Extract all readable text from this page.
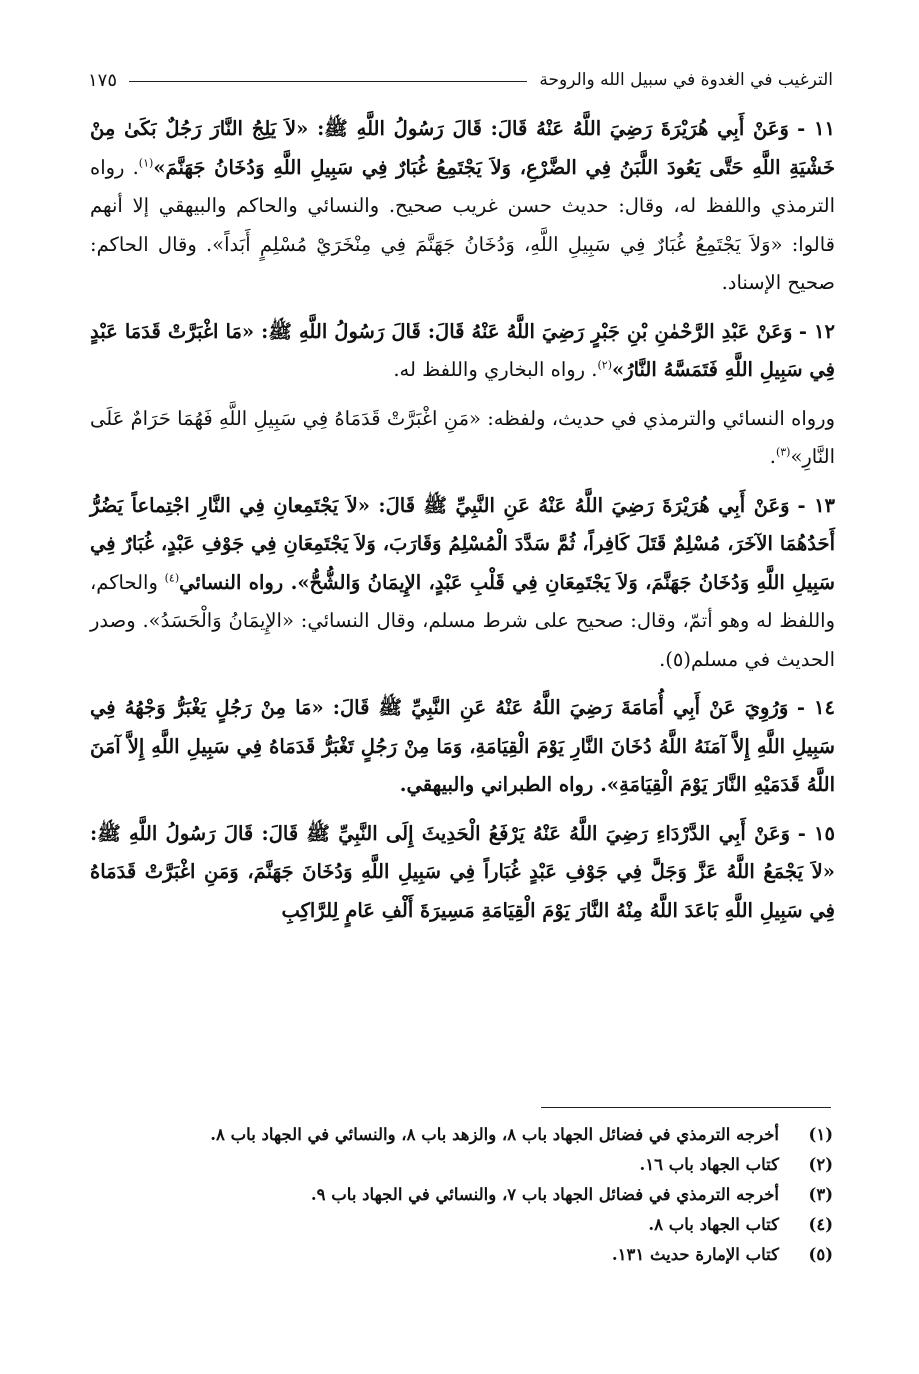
الترغيب في الغدوة في سبيل الله والروحة
١٧٥

١١ - وَعَنْ أَبِي هُرَيْرَةَ رَضِيَ اللَّهُ عَنْهُ قَالَ: قَالَ رَسُولُ اللَّهِ ﷺ: «لاَ يَلِجُ النَّارَ رَجُلٌ بَكَىٰ مِنْ خَشْيَةِ اللَّهِ حَتَّى يَعُودَ اللَّبَنُ فِي الضَّرْعِ، وَلاَ يَجْتَمِعُ غُبَارٌ فِي سَبِيلِ اللَّهِ وَدُخَانُ جَهَنَّمَ»$^{(١)}$. رواه الترمذي واللفظ له، وقال: حديث حسن غريب صحيح. والنسائي والحاكم والبيهقي إلا أنهم قالوا: «وَلاَ يَجْتَمِعُ غُبَارٌ فِي سَبِيلِ اللَّهِ، وَدُخَانُ جَهَنَّمَ فِي مِنْخَرَيْ مُسْلِمٍ أَبَداً». وقال الحاكم: صحيح الإسناد.

١٢ - وَعَنْ عَبْدِ الرَّحْمٰنِ بْنِ جَبْرٍ رَضِيَ اللَّهُ عَنْهُ قَالَ: قَالَ رَسُولُ اللَّهِ ﷺ: «مَا اغْبَرَّتْ قَدَمَا عَبْدٍ فِي سَبِيلِ اللَّهِ فَتَمَسَّهُ النَّارُ»$^{(٢)}$. رواه البخاري واللفظ له.

ورواه النسائي والترمذي في حديث، ولفظه: «مَنِ اغْبَرَّتْ قَدَمَاهُ فِي سَبِيلِ اللَّهِ فَهُمَا حَرَامٌ عَلَى النَّارِ»$^{(٣)}$.

١٣ - وَعَنْ أَبِي هُرَيْرَةَ رَضِيَ اللَّهُ عَنْهُ عَنِ النَّبِيِّ ﷺ قَالَ: «لاَ يَجْتَمِعانِ فِي النَّارِ اجْتِماعاً يَضُرُّ أَحَدُهُمَا الآخَرَ، مُسْلِمٌ قَتَلَ كَافِراً، ثُمَّ سَدَّدَ الْمُسْلِمُ وَقَارَبَ، وَلاَ يَجْتَمِعَانِ فِي جَوْفِ عَبْدٍ، غُبَارٌ فِي سَبِيلِ اللَّهِ وَدُخَانُ جَهَنَّمَ، وَلاَ يَجْتَمِعَانِ فِي قَلْبِ عَبْدٍ، الإِيمَانُ وَالشُّحُّ». رواه النسائي$^{(٤)}$ والحاكم، واللفظ له وهو أتمّ، وقال: صحيح على شرط مسلم، وقال النسائي: «الإِيمَانُ وَالْحَسَدُ». وصدر الحديث في مسلم(٥).

١٤ - وَرُوِيَ عَنْ أَبِي أُمَامَةَ رَضِيَ اللَّهُ عَنْهُ عَنِ النَّبِيِّ ﷺ قَالَ: «مَا مِنْ رَجُلٍ يَغْبَرُّ وَجْهُهُ فِي سَبِيلِ اللَّهِ إِلاَّ آمَنَهُ اللَّهُ دُخَانَ النَّارِ يَوْمَ الْقِيَامَةِ، وَمَا مِنْ رَجُلٍ تَغْبَرُّ قَدَمَاهُ فِي سَبِيلِ اللَّهِ إِلاَّ آمَنَ اللَّهُ قَدَمَيْهِ النَّارَ يَوْمَ الْقِيَامَةِ». رواه الطبراني والبيهقي.

١٥ - وَعَنْ أَبِي الدَّرْدَاءِ رَضِيَ اللَّهُ عَنْهُ يَرْفَعُ الْحَدِيثَ إِلَى النَّبِيِّ ﷺ قَالَ: قَالَ رَسُولُ اللَّهِ ﷺ: «لاَ يَجْمَعُ اللَّهُ عَزَّ وَجَلَّ فِي جَوْفِ عَبْدٍ غُبَاراً فِي سَبِيلِ اللَّهِ وَدُخَانَ جَهَنَّمَ، وَمَنِ اغْبَرَّتْ قَدَمَاهُ فِي سَبِيلِ اللَّهِ بَاعَدَ اللَّهُ مِنْهُ النَّارَ يَوْمَ الْقِيَامَةِ مَسِيرَةَ أَلْفِ عَامٍ لِلرَّاكِبِ

(١)
أخرجه الترمذي في فضائل الجهاد باب ٨، والزهد باب ٨، والنسائي في الجهاد باب ٨.
(٢)
كتاب الجهاد باب ١٦.
(٣)
أخرجه الترمذي في فضائل الجهاد باب ٧، والنسائي في الجهاد باب ٩.
(٤)
كتاب الجهاد باب ٨.
(٥)
كتاب الإمارة حديث ١٣١.
